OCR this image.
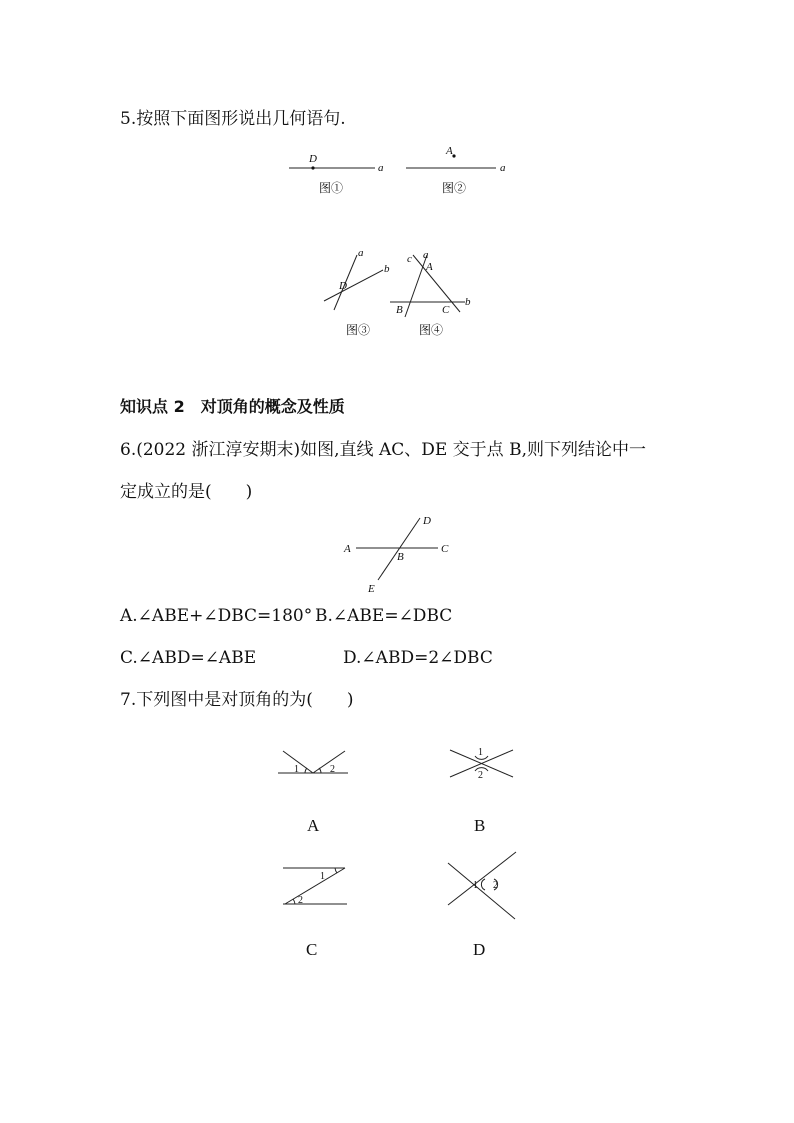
5.按照下面图形说出几何语句.
D
a
图①
A
a
图②
a
b
D
图③
c a
A
B	C
b
图④
知识点 2　对顶角的概念及性质
6.(2022 浙江淳安期末)如图,直线 AC、DE 交于点 B,则下列结论中一
定成立的是(　　)
A	C
D
B
E
A.∠ABE+∠DBC=180° B.∠ABE=∠DBC
C.∠ABD=∠ABE	D.∠ABD=2∠DBC
7.下列图中是对顶角的为(　　)
1	2
A
1
2
B
1
2
C
1 2
D
